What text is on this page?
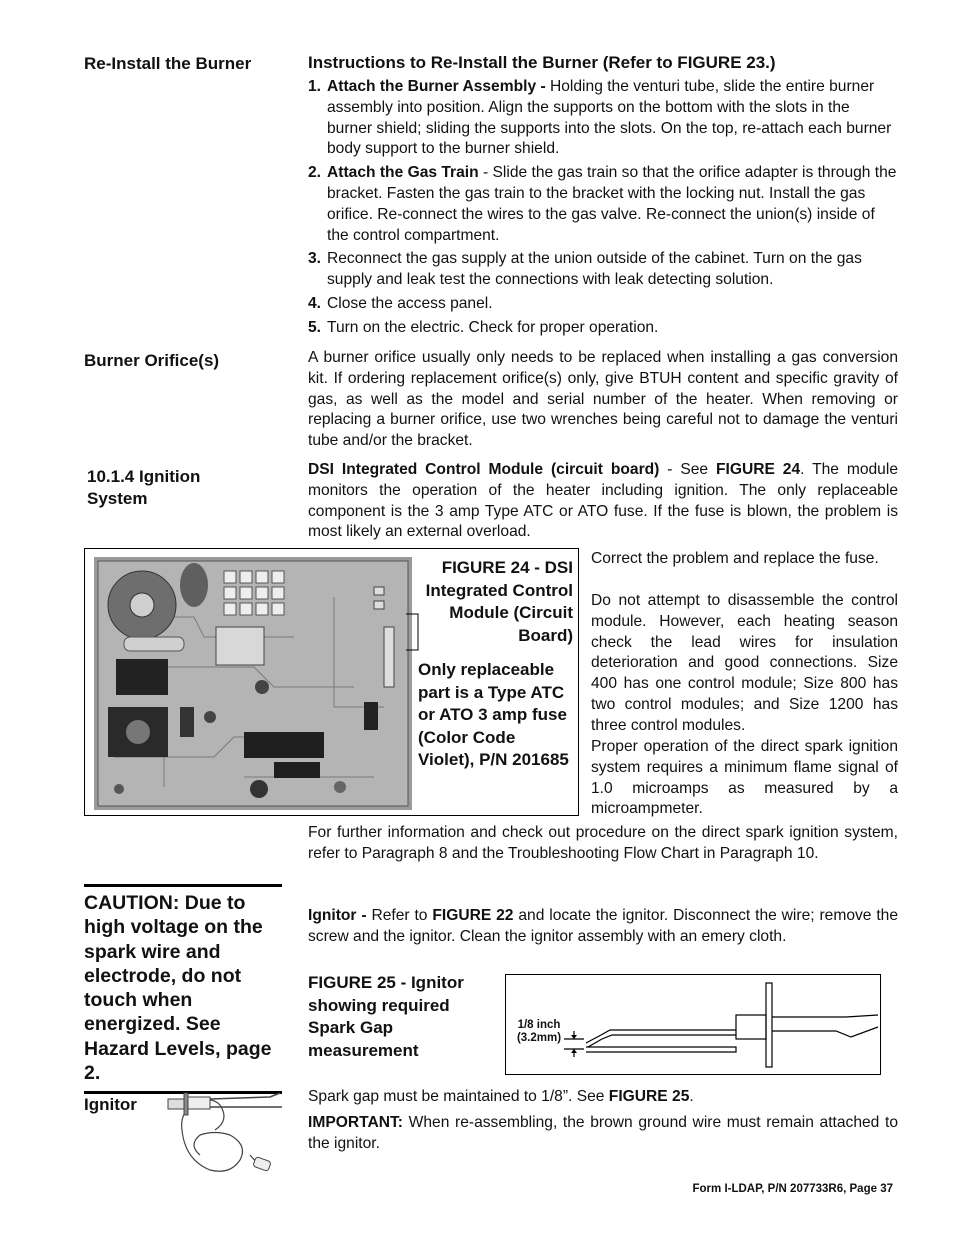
Re-Install the Burner
Burner Orifice(s)
10.1.4 Ignition System
Ignitor
Instructions to Re-Install the Burner (Refer to FIGURE 23.)
1. Attach the Burner Assembly - Holding the venturi tube, slide the entire burner assembly into position. Align the supports on the bottom with the slots in the burner shield; sliding the supports into the slots. On the top, re-attach each burner body support to the burner shield.
2. Attach the Gas Train - Slide the gas train so that the orifice adapter is through the bracket. Fasten the gas train to the bracket with the locking nut. Install the gas orifice. Re-connect the wires to the gas valve. Re-connect the union(s) inside of the control compartment.
3. Reconnect the gas supply at the union outside of the cabinet. Turn on the gas supply and leak test the connections with leak detecting solution.
4. Close the access panel.
5. Turn on the electric. Check for proper operation.
A burner orifice usually only needs to be replaced when installing a gas conversion kit. If ordering replacement orifice(s) only, give BTUH content and specific gravity of gas, as well as the model and serial number of the heater. When removing or replacing a burner orifice, use two wrenches being careful not to damage the venturi tube and/or the bracket.
DSI Integrated Control Module (circuit board) - See FIGURE 24. The module monitors the operation of the heater including ignition. The only replaceable component is the 3 amp Type ATC or ATO fuse. If the fuse is blown, the problem is most likely an external overload.
FIGURE 24 - DSI Integrated Control Module (Circuit Board)
Only replaceable part is a Type ATC or ATO 3 amp fuse (Color Code Violet), P/N 201685
Correct the problem and replace the fuse.
Do not attempt to disassemble the control module. However, each heating season check the lead wires for insulation deterioration and good connections. Size 400 has one control module; Size 800 has two control modules; and Size 1200 has three control modules.
Proper operation of the direct spark ignition system requires a minimum flame signal of 1.0 microamps as measured by a microampmeter.
For further information and check out procedure on the direct spark ignition system, refer to Paragraph 8 and the Troubleshooting Flow Chart in Paragraph 10.
CAUTION: Due to high voltage on the spark wire and electrode, do not touch when energized. See Hazard Levels, page 2.
Ignitor - Refer to FIGURE 22 and locate the ignitor. Disconnect the wire; remove the screw and the ignitor. Clean the ignitor assembly with an emery cloth.
FIGURE 25 - Ignitor showing required Spark Gap measurement
1/8 inch
(3.2mm)
Spark gap must be maintained to 1/8”. See FIGURE 25.
IMPORTANT: When re-assembling, the brown ground wire must remain attached to the ignitor.
Form I-LDAP, P/N 207733R6, Page 37
